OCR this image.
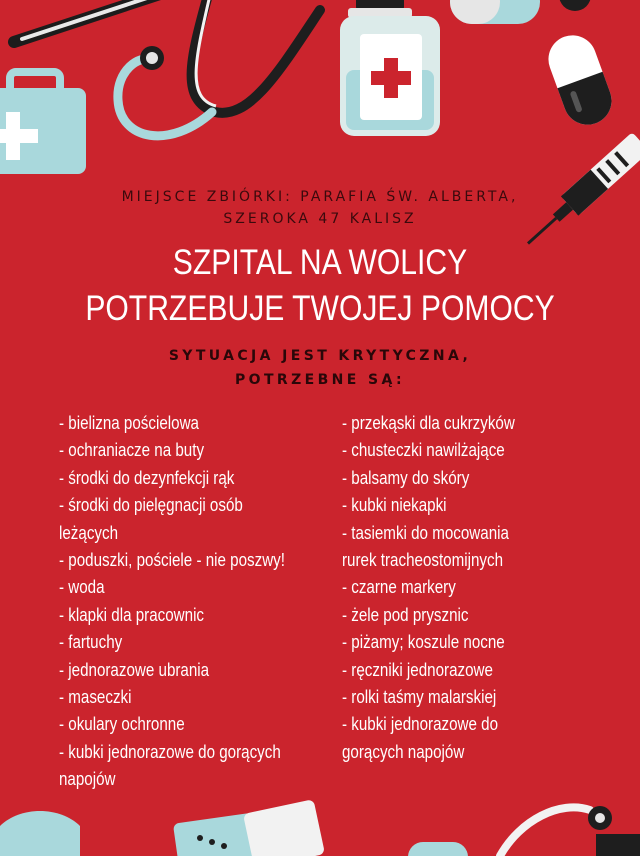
MIEJSCE ZBIÓRKI: PARAFIA ŚW. ALBERTA,
SZEROKA 47 KALISZ
SZPITAL NA WOLICY
POTRZEBUJE TWOJEJ POMOCY
SYTUACJA JEST KRYTYCZNA,
POTRZEBNE SĄ:
- bielizna pościelowa
- ochraniacze na buty
- środki do dezynfekcji rąk
- środki do pielęgnacji osób
leżących
- poduszki, pościele - nie poszwy!
- woda
- klapki dla pracownic
- fartuchy
- jednorazowe ubrania
- maseczki
- okulary ochronne
- kubki jednorazowe do gorących
napojów
- przekąski dla cukrzyków
- chusteczki nawilżające
- balsamy do skóry
- kubki niekapki
- tasiemki do mocowania
rurek tracheostomijnych
- czarne markery
- żele pod prysznic
- piżamy; koszule nocne
- ręczniki jednorazowe
- rolki taśmy malarskiej
- kubki jednorazowe do
gorących napojów
